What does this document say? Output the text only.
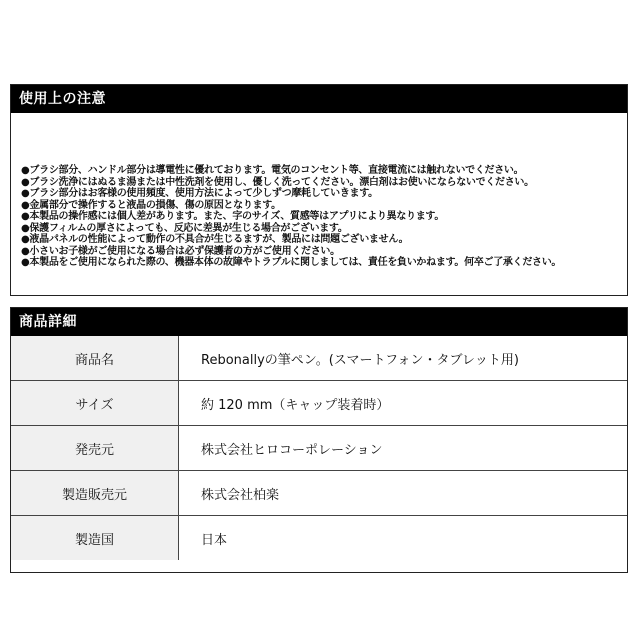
使用上の注意
●ブラシ部分、ハンドル部分は導電性に優れております。電気のコンセント等、直接電流には触れないでください。
●ブラシ洗浄にはぬるま湯または中性洗剤を使用し、優しく洗ってください。漂白剤はお使いにならないでください。
●ブラシ部分はお客様の使用頻度、使用方法によって少しずつ摩耗していきます。
●金属部分で操作すると液晶の損傷、傷の原因となります。
●本製品の操作感には個人差があります。また、字のサイズ、質感等はアプリにより異なります。
●保護フィルムの厚さによっても、反応に差異が生じる場合がございます。
●液晶パネルの性能によって動作の不具合が生じるますが、製品には問題ございません。
●小さいお子様がご使用になる場合は必ず保護者の方がご使用ください。
●本製品をご使用になられた際の、機器本体の故障やトラブルに関しましては、責任を負いかねます。何卒ご了承ください。
商品詳細
商品名	Rebonallyの筆ペン。(スマートフォン・タブレット用)
サイズ	約 120 mm（キャップ装着時）
発売元	株式会社ヒロコーポレーション
製造販売元	株式会社柏楽
製造国	日本
